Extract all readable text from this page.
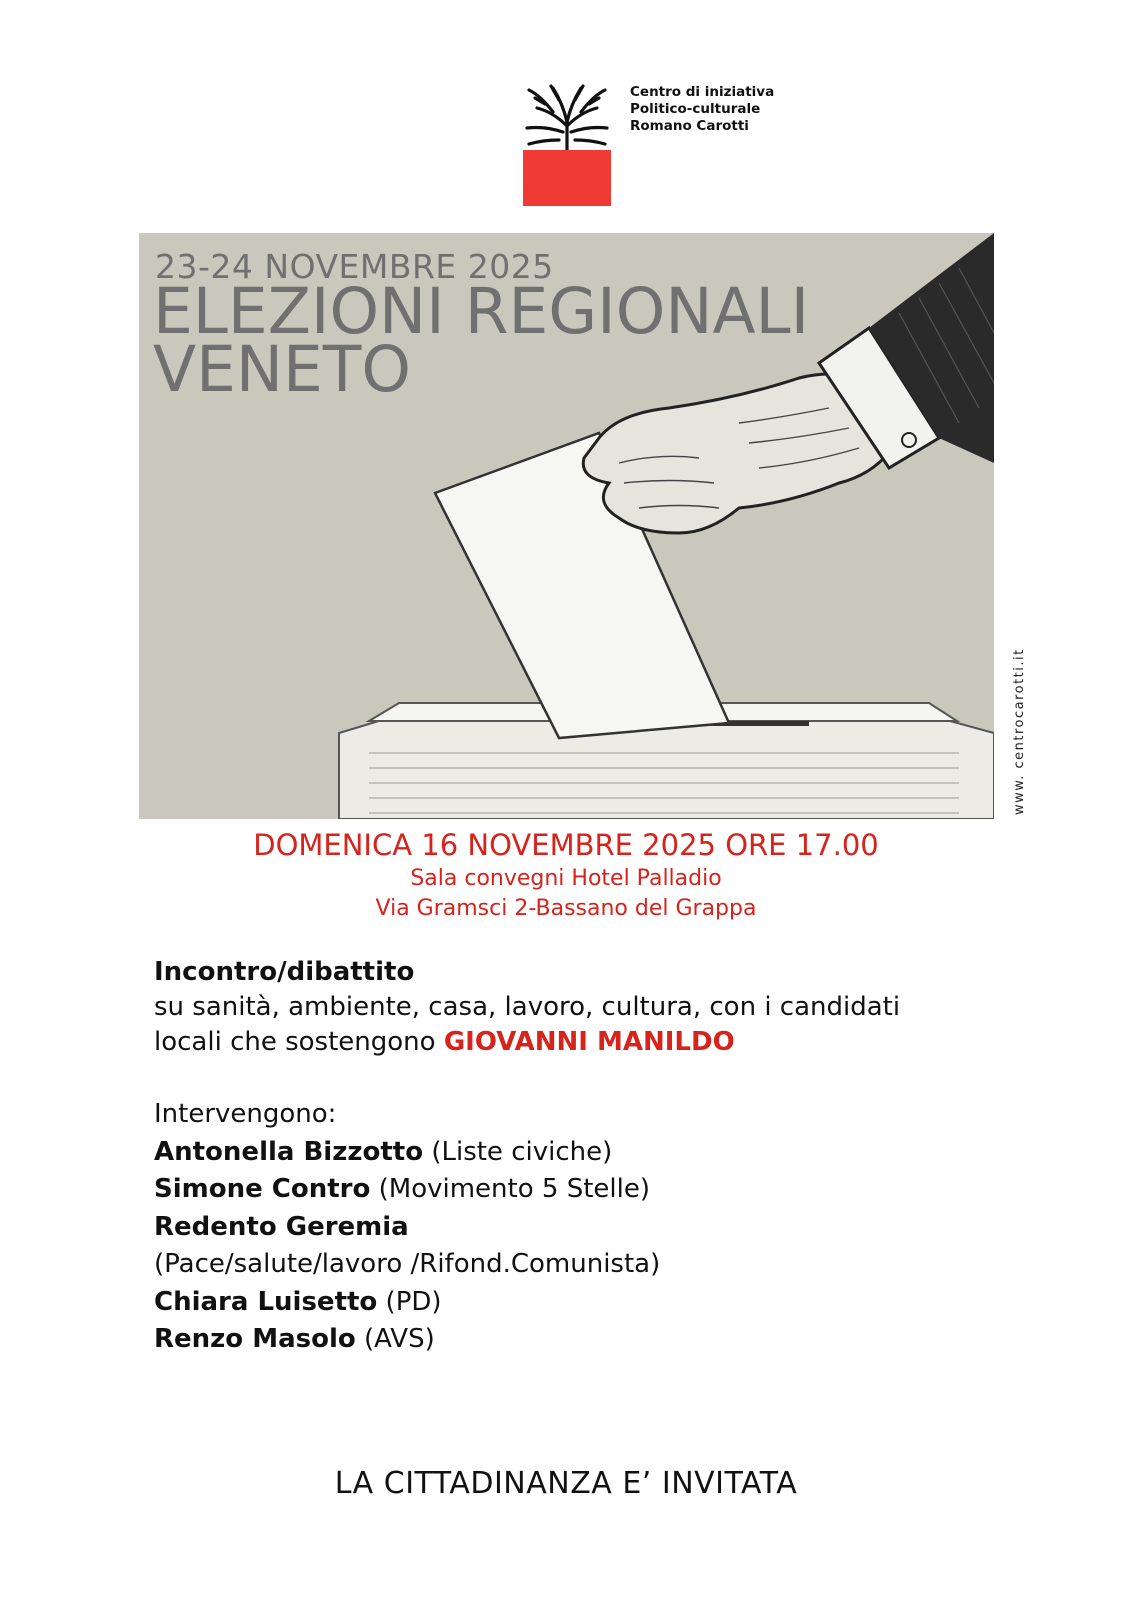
Centro di iniziativa
Politico-culturale
Romano Carotti
23-24 NOVEMBRE 2025
ELEZIONI REGIONALI
VENETO
www. centrocarotti.it
DOMENICA 16 NOVEMBRE 2025 ORE 17.00
Sala convegni Hotel Palladio
Via Gramsci 2-Bassano del Grappa
Incontro/dibattito
su sanità, ambiente, casa, lavoro, cultura, con i candidati
locali che sostengono GIOVANNI MANILDO
Intervengono:
Antonella Bizzotto (Liste civiche)
Simone Contro (Movimento 5 Stelle)
Redento Geremia
(Pace/salute/lavoro /Rifond.Comunista)
Chiara Luisetto (PD)
Renzo Masolo (AVS)
LA CITTADINANZA E’ INVITATA
